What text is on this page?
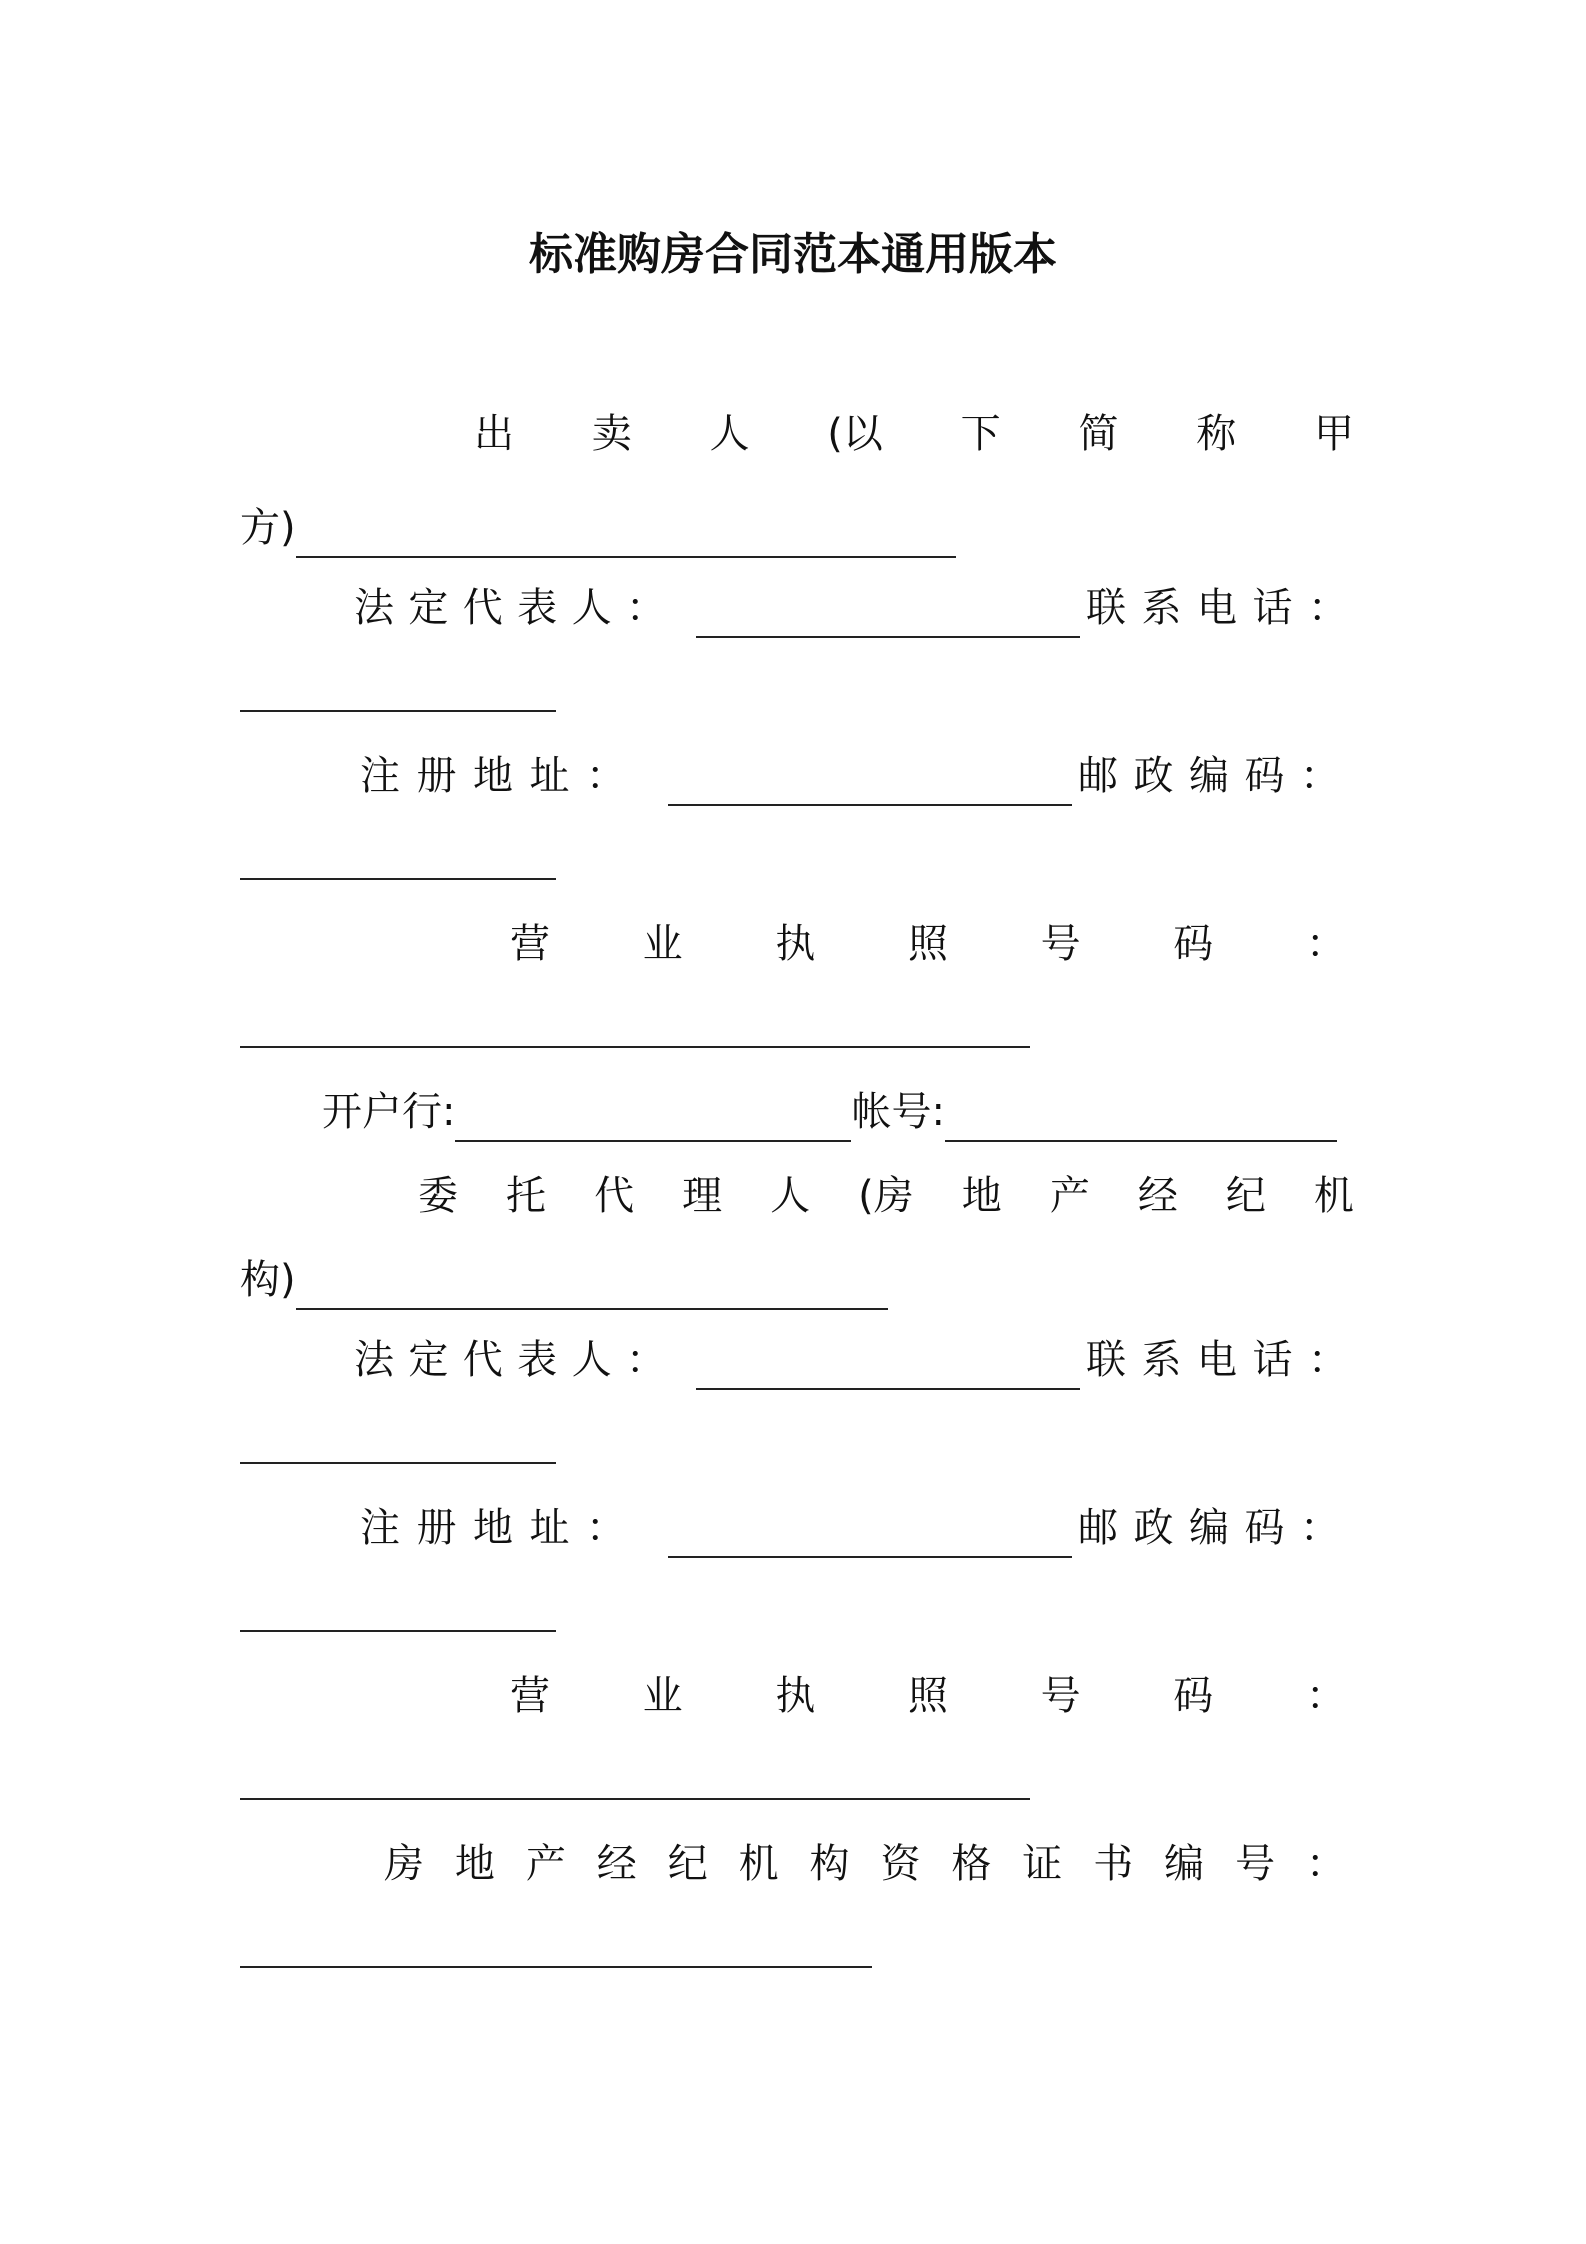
标准购房合同范本通用版本
出 卖 人 (以 下 简 称 甲
方)
法 定 代 表 人 ：	联 系 电 话 ：
注 册 地 址 ：	邮 政 编 码 ：
营 业 执 照 号 码 ：
开户行:	帐号:
委 托 代 理 人 (房 地 产 经 纪 机
构)
法 定 代 表 人 ：	联 系 电 话 ：
注 册 地 址 ：	邮 政 编 码 ：
营 业 执 照 号 码 ：
房 地 产 经 纪 机 构 资 格 证 书 编 号 ：
